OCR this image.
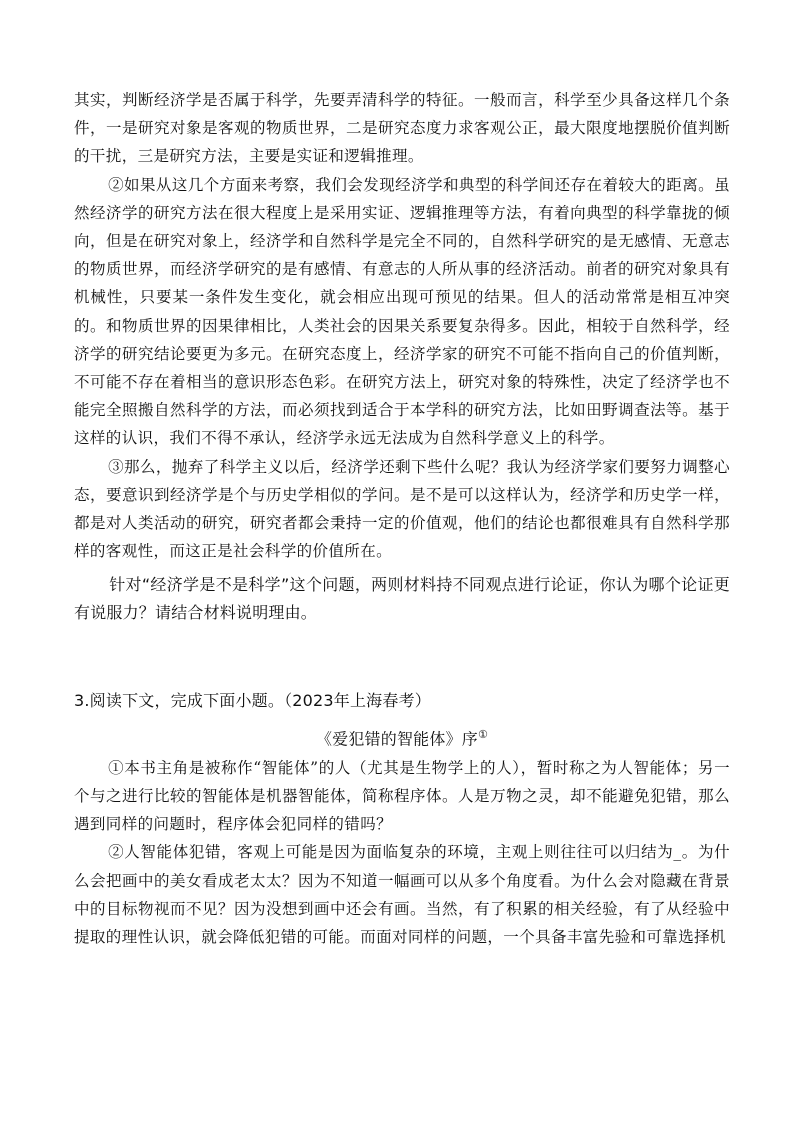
其实，判断经济学是否属于科学，先要弄清科学的特征。一般而言，科学至少具备这样几个条件，一是研究对象是客观的物质世界，二是研究态度力求客观公正，最大限度地摆脱价值判断的干扰，三是研究方法，主要是实证和逻辑推理。

②如果从这几个方面来考察，我们会发现经济学和典型的科学间还存在着较大的距离。虽然经济学的研究方法在很大程度上是采用实证、逻辑推理等方法，有着向典型的科学靠拢的倾向，但是在研究对象上，经济学和自然科学是完全不同的，自然科学研究的是无感情、无意志的物质世界，而经济学研究的是有感情、有意志的人所从事的经济活动。前者的研究对象具有机械性，只要某一条件发生变化，就会相应出现可预见的结果。但人的活动常常是相互冲突的。和物质世界的因果律相比，人类社会的因果关系要复杂得多。因此，相较于自然科学，经济学的研究结论要更为多元。在研究态度上，经济学家的研究不可能不指向自己的价值判断，不可能不存在着相当的意识形态色彩。在研究方法上，研究对象的特殊性，决定了经济学也不能完全照搬自然科学的方法，而必须找到适合于本学科的研究方法，比如田野调查法等。基于这样的认识，我们不得不承认，经济学永远无法成为自然科学意义上的科学。

③那么，抛弃了科学主义以后，经济学还剩下些什么呢？我认为经济学家们要努力调整心态，要意识到经济学是个与历史学相似的学问。是不是可以这样认为，经济学和历史学一样，都是对人类活动的研究，研究者都会秉持一定的价值观，他们的结论也都很难具有自然科学那样的客观性，而这正是社会科学的价值所在。

针对“经济学是不是科学”这个问题，两则材料持不同观点进行论证，你认为哪个论证更有说服力？请结合材料说明理由。

3.阅读下文，完成下面小题。（2023年上海春考）

《爱犯错的智能体》序①

①本书主角是被称作“智能体”的人（尤其是生物学上的人），暂时称之为人智能体；另一个与之进行比较的智能体是机器智能体，简称程序体。人是万物之灵，却不能避免犯错，那么遇到同样的问题时，程序体会犯同样的错吗？

②人智能体犯错，客观上可能是因为面临复杂的环境，主观上则往往可以归结为_。为什么会把画中的美女看成老太太？因为不知道一幅画可以从多个角度看。为什么会对隐藏在背景中的目标物视而不见？因为没想到画中还会有画。当然，有了积累的相关经验，有了从经验中提取的理性认识，就会降低犯错的可能。而面对同样的问题，一个具备丰富先验和可靠选择机
